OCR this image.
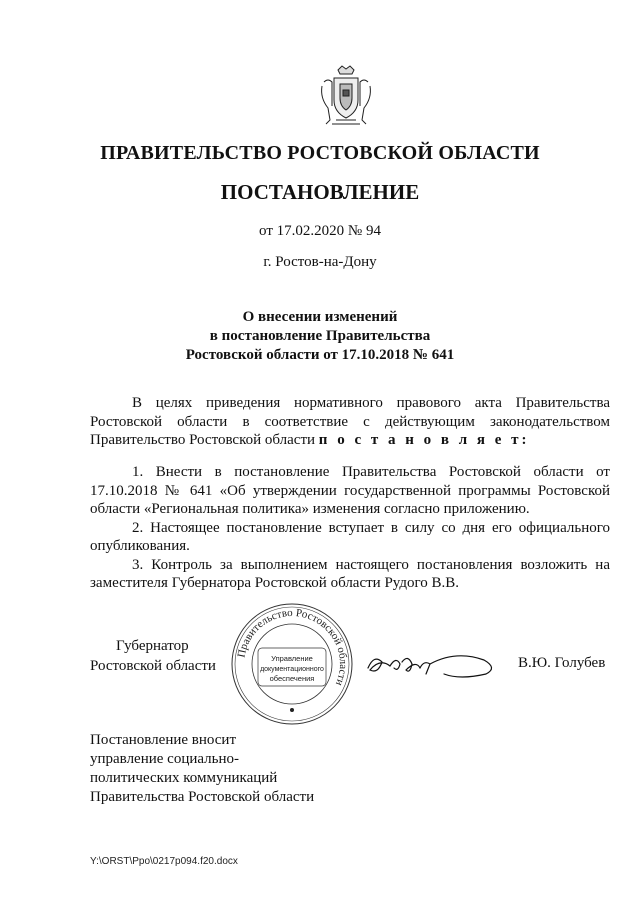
ПРАВИТЕЛЬСТВО РОСТОВСКОЙ ОБЛАСТИ
ПОСТАНОВЛЕНИЕ
от 17.02.2020 № 94
г. Ростов-на-Дону
О внесении изменений
в постановление Правительства
Ростовской области от 17.10.2018 № 641
В целях приведения нормативного правового акта Правительства Ростовской области в соответствие с действующим законодательством Правительство Ростовской области п о с т а н о в л я е т:
1. Внести в постановление Правительства Ростовской области от 17.10.2018 № 641 «Об утверждении государственной программы Ростовской области «Региональная политика» изменения согласно приложению.
2. Настоящее постановление вступает в силу со дня его официального опубликования.
3. Контроль за выполнением настоящего постановления возложить на заместителя Губернатора Ростовской области Рудого В.В.
Губернатор
Ростовской области
Правительство Ростовской области
Управление
документационного
обеспечения
В.Ю. Голубев
Постановление вносит
управление социально-
политических коммуникаций
Правительства Ростовской области
Y:\ORST\Ppo\0217p094.f20.docx
